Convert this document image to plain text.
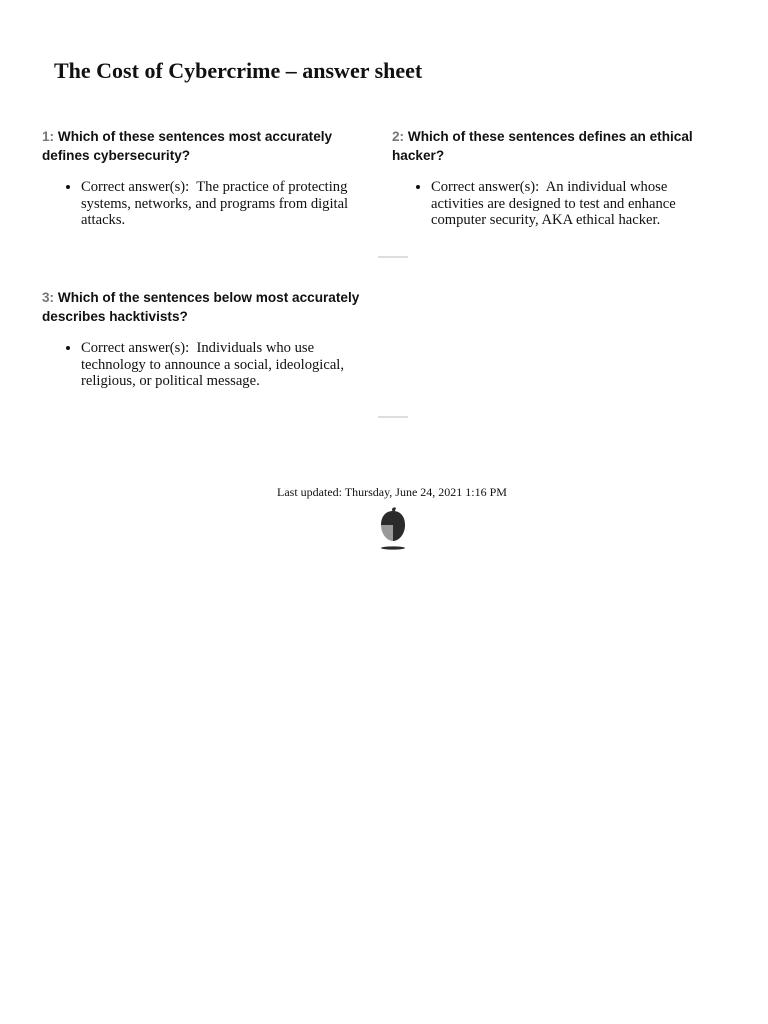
The Cost of Cybercrime – answer sheet

1: Which of these sentences most accurately defines cybersecurity?

• Correct answer(s): The practice of protecting systems, networks, and programs from digital attacks.

2: Which of these sentences defines an ethical hacker?

• Correct answer(s): An individual whose activities are designed to test and enhance computer security, AKA ethical hacker.

3: Which of the sentences below most accurately describes hacktivists?

• Correct answer(s): Individuals who use technology to announce a social, ideological, religious, or political message.
Last updated: Thursday, June 24, 2021 1:16 PM
